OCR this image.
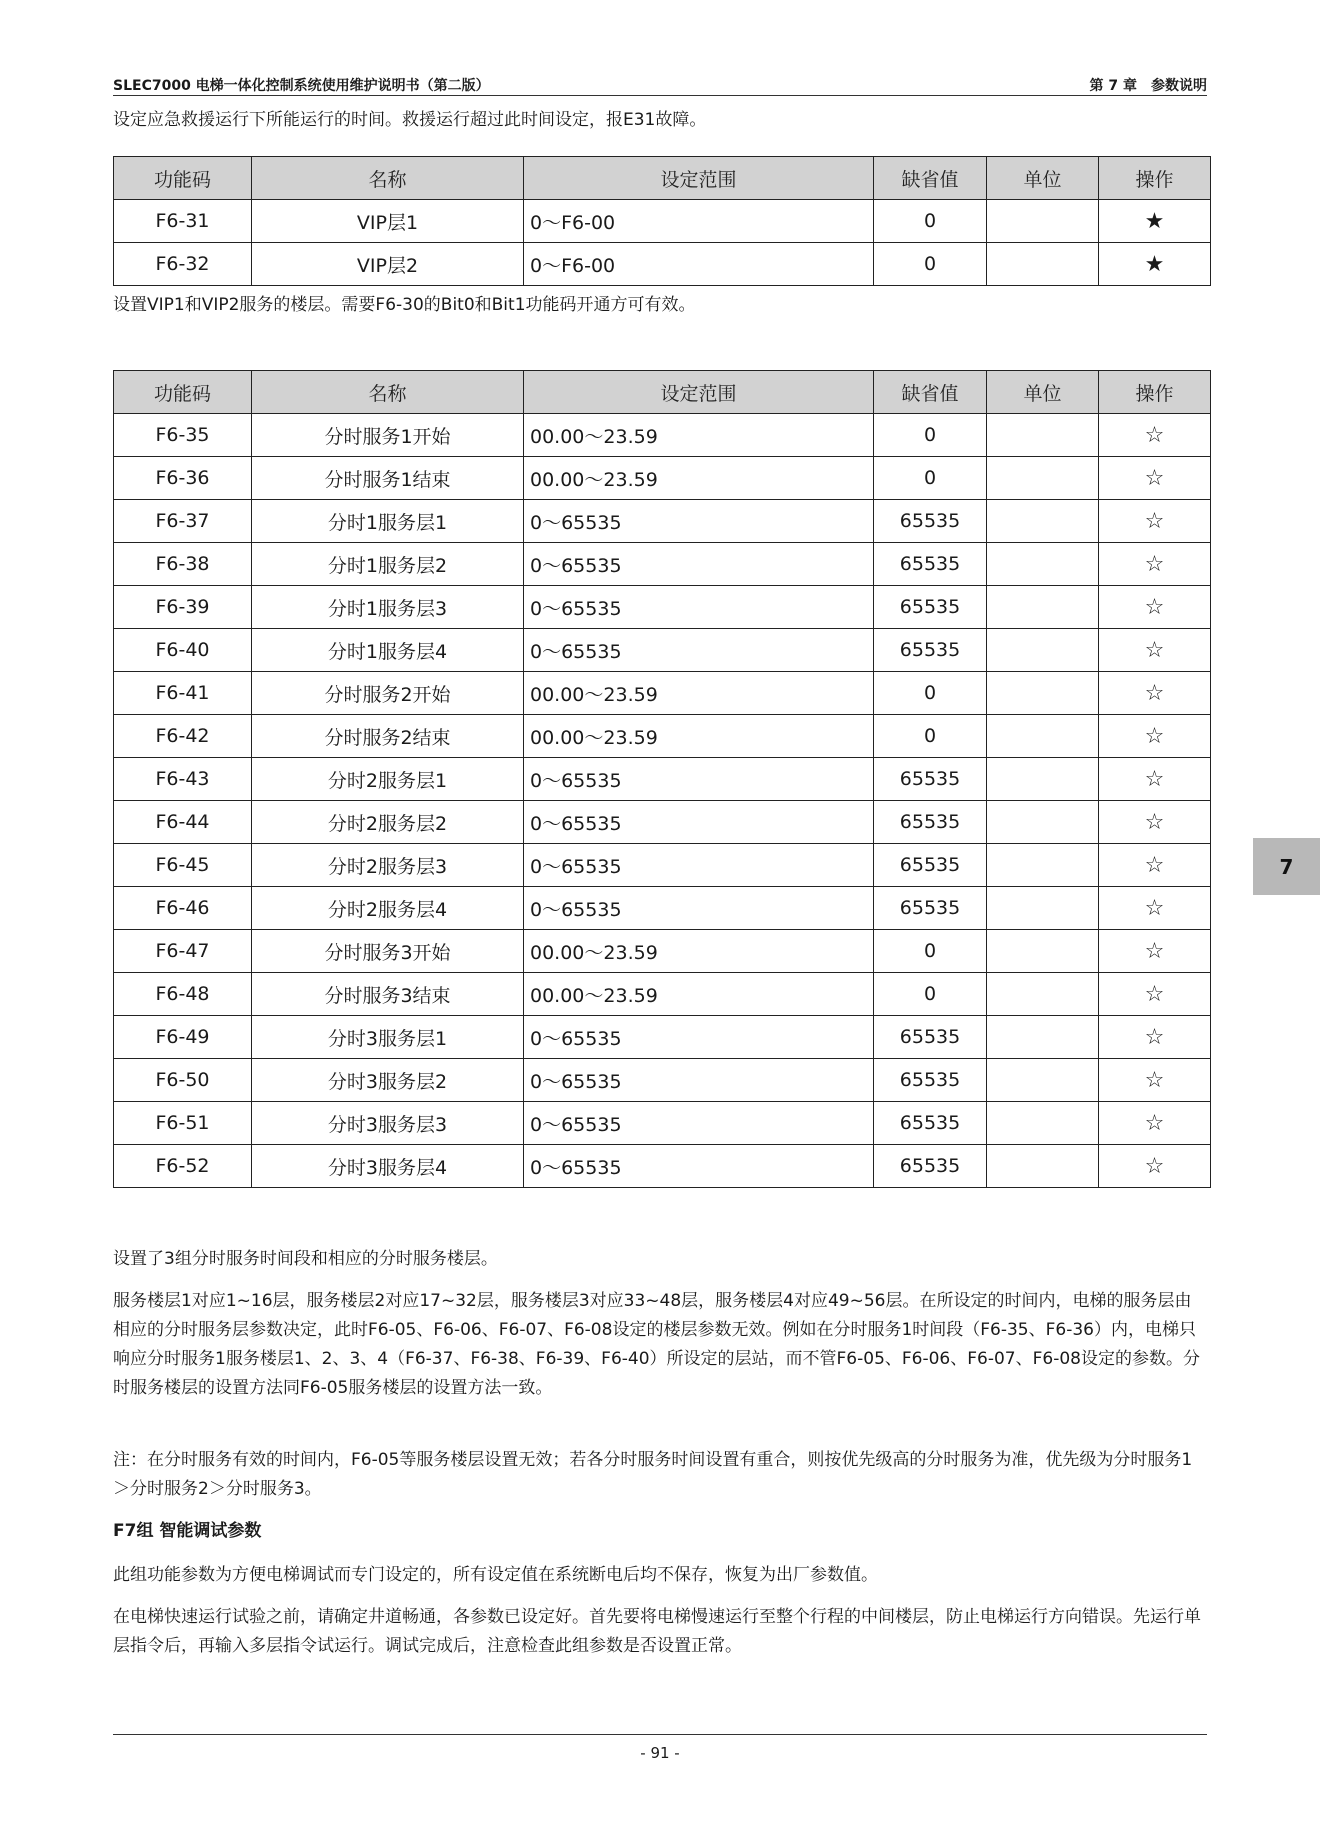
SLEC7000 电梯一体化控制系统使用维护说明书（第二版）	第 7 章　参数说明

设定应急救援运行下所能运行的时间。救援运行超过此时间设定，报E31故障。

功能码	名称	设定范围	缺省值	单位	操作
F6-31	VIP层1	0～F6-00	0		★
F6-32	VIP层2	0～F6-00	0		★

设置VIP1和VIP2服务的楼层。需要F6-30的Bit0和Bit1功能码开通方可有效。

功能码	名称	设定范围	缺省值	单位	操作
F6-35	分时服务1开始	00.00～23.59	0		☆
F6-36	分时服务1结束	00.00～23.59	0		☆
F6-37	分时1服务层1	0～65535	65535		☆
F6-38	分时1服务层2	0～65535	65535		☆
F6-39	分时1服务层3	0～65535	65535		☆
F6-40	分时1服务层4	0～65535	65535		☆
F6-41	分时服务2开始	00.00～23.59	0		☆
F6-42	分时服务2结束	00.00～23.59	0		☆
F6-43	分时2服务层1	0～65535	65535		☆
F6-44	分时2服务层2	0～65535	65535		☆
F6-45	分时2服务层3	0～65535	65535		☆
F6-46	分时2服务层4	0～65535	65535		☆
F6-47	分时服务3开始	00.00～23.59	0		☆
F6-48	分时服务3结束	00.00～23.59	0		☆
F6-49	分时3服务层1	0～65535	65535		☆
F6-50	分时3服务层2	0～65535	65535		☆
F6-51	分时3服务层3	0～65535	65535		☆
F6-52	分时3服务层4	0～65535	65535		☆

设置了3组分时服务时间段和相应的分时服务楼层。

服务楼层1对应1~16层，服务楼层2对应17~32层，服务楼层3对应33~48层，服务楼层4对应49~56层。在所设定的时间内，电梯的服务层由相应的分时服务层参数决定，此时F6-05、F6-06、F6-07、F6-08设定的楼层参数无效。例如在分时服务1时间段（F6-35、F6-36）内，电梯只响应分时服务1服务楼层1、2、3、4（F6-37、F6-38、F6-39、F6-40）所设定的层站，而不管F6-05、F6-06、F6-07、F6-08设定的参数。分时服务楼层的设置方法同F6-05服务楼层的设置方法一致。

注：在分时服务有效的时间内，F6-05等服务楼层设置无效；若各分时服务时间设置有重合，则按优先级高的分时服务为准，优先级为分时服务1＞分时服务2＞分时服务3。

F7组 智能调试参数

此组功能参数为方便电梯调试而专门设定的，所有设定值在系统断电后均不保存，恢复为出厂参数值。

在电梯快速运行试验之前，请确定井道畅通，各参数已设定好。首先要将电梯慢速运行至整个行程的中间楼层，防止电梯运行方向错误。先运行单层指令后，再输入多层指令试运行。调试完成后，注意检查此组参数是否设置正常。

7
- 91 -
